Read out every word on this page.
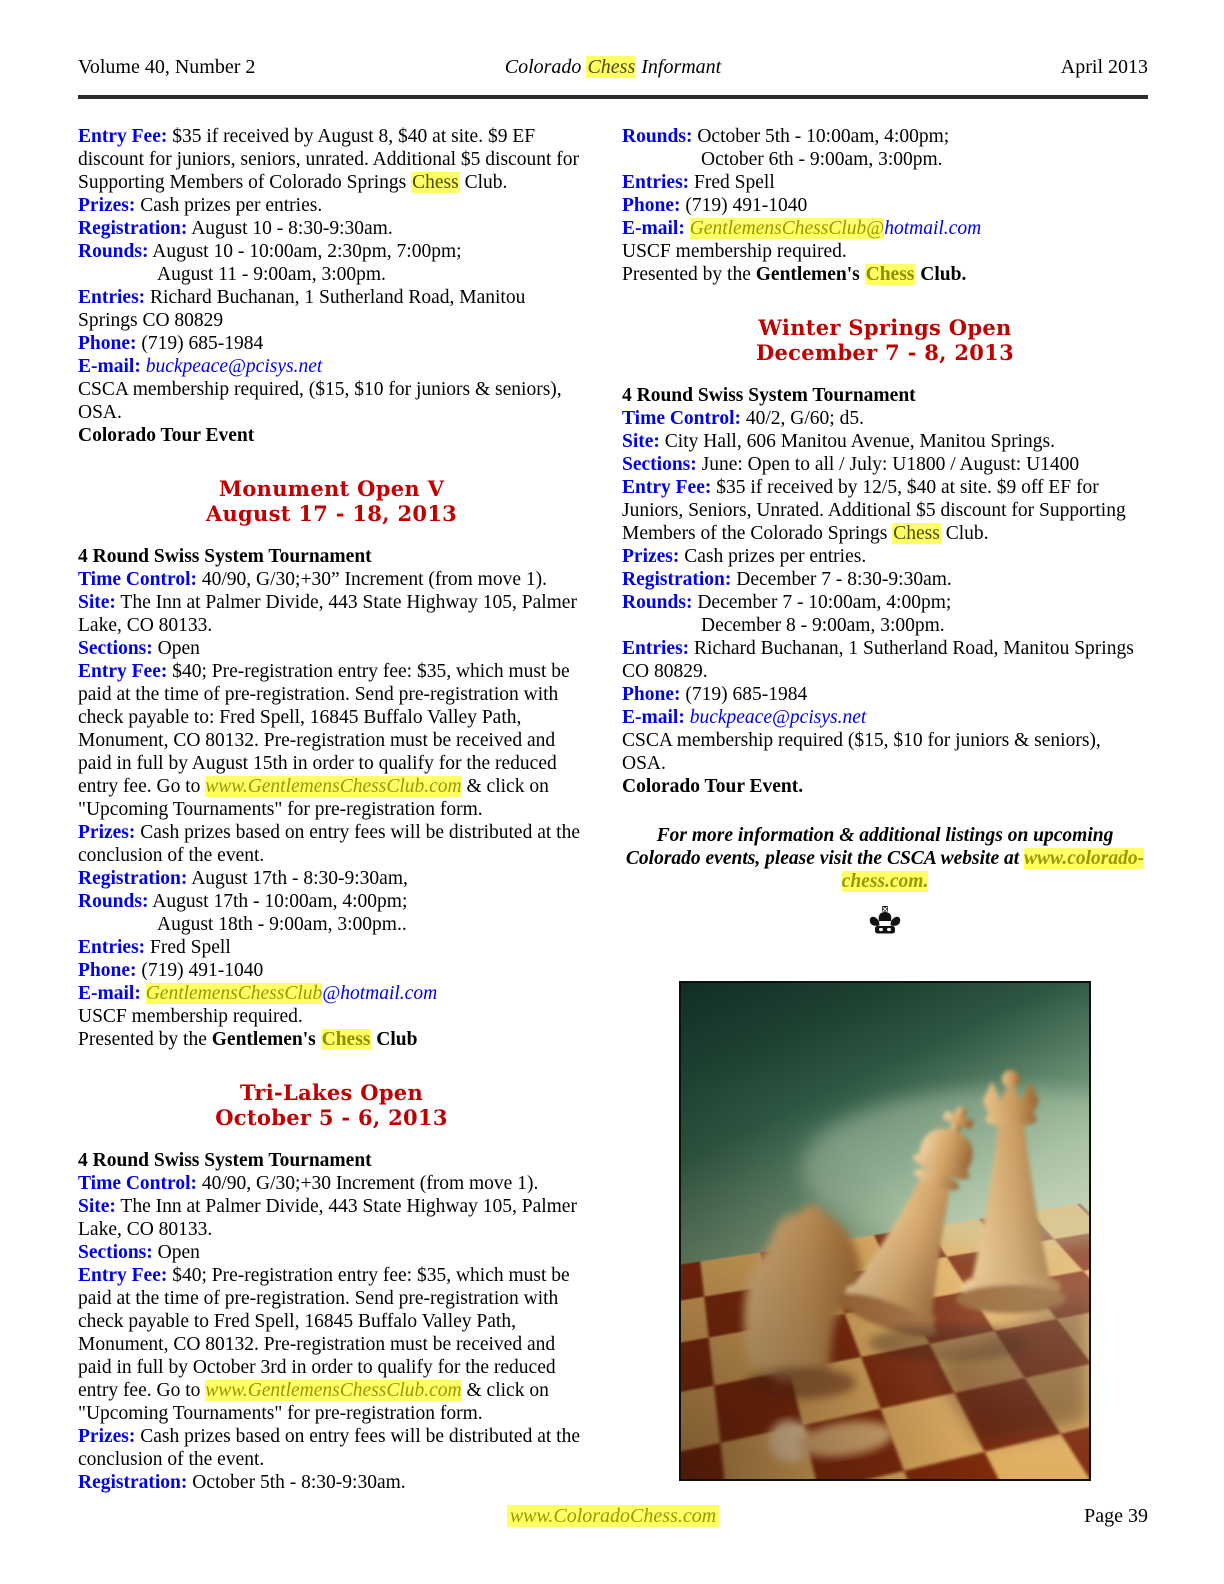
Volume 40, Number 2	Colorado Chess Informant	April 2013

Entry Fee: $35 if received by August 8, $40 at site. $9 EF discount for juniors, seniors, unrated. Additional $5 discount for Supporting Members of Colorado Springs Chess Club.

Prizes: Cash prizes per entries.

Registration: August 10 - 8:30-9:30am.

Rounds: August 10 - 10:00am, 2:30pm, 7:00pm;
August 11 - 9:00am, 3:00pm.

Entries: Richard Buchanan, 1 Sutherland Road, Manitou Springs CO 80829

Phone: (719) 685-1984

E-mail: buckpeace@pcisys.net

CSCA membership required, ($15, $10 for juniors & seniors), OSA.

Colorado Tour Event

Monument Open V
August 17 - 18, 2013

4 Round Swiss System Tournament

Time Control: 40/90, G/30;+30” Increment (from move 1).

Site: The Inn at Palmer Divide, 443 State Highway 105, Palmer Lake, CO 80133.

Sections: Open

Entry Fee: $40; Pre-registration entry fee: $35, which must be paid at the time of pre-registration. Send pre-registration with check payable to: Fred Spell, 16845 Buffalo Valley Path, Monument, CO 80132. Pre-registration must be received and paid in full by August 15th in order to qualify for the reduced entry fee. Go to www.GentlemensChessClub.com & click on "Upcoming Tournaments" for pre-registration form.

Prizes: Cash prizes based on entry fees will be distributed at the conclusion of the event.

Registration: August 17th - 8:30-9:30am,

Rounds: August 17th - 10:00am, 4:00pm;
August 18th - 9:00am, 3:00pm..

Entries: Fred Spell

Phone: (719) 491-1040

E-mail: GentlemensChessClub@hotmail.com

USCF membership required.

Presented by the Gentlemen's Chess Club

Tri-Lakes Open
October 5 - 6, 2013

4 Round Swiss System Tournament

Time Control: 40/90, G/30;+30 Increment (from move 1).

Site: The Inn at Palmer Divide, 443 State Highway 105, Palmer Lake, CO 80133.

Sections: Open

Entry Fee: $40; Pre-registration entry fee: $35, which must be paid at the time of pre-registration. Send pre-registration with check payable to Fred Spell, 16845 Buffalo Valley Path, Monument, CO 80132. Pre-registration must be received and paid in full by October 3rd in order to qualify for the reduced entry fee. Go to www.GentlemensChessClub.com & click on "Upcoming Tournaments" for pre-registration form.

Prizes: Cash prizes based on entry fees will be distributed at the conclusion of the event.

Registration: October 5th - 8:30-9:30am.

Rounds: October 5th - 10:00am, 4:00pm;
October 6th - 9:00am, 3:00pm.

Entries: Fred Spell

Phone: (719) 491-1040

E-mail: GentlemensChessClub@hotmail.com

USCF membership required.

Presented by the Gentlemen's Chess Club.

Winter Springs Open
December 7 - 8, 2013

4 Round Swiss System Tournament

Time Control: 40/2, G/60; d5.

Site: City Hall, 606 Manitou Avenue, Manitou Springs.

Sections: June: Open to all / July: U1800 / August: U1400

Entry Fee: $35 if received by 12/5, $40 at site. $9 off EF for Juniors, Seniors, Unrated. Additional $5 discount for Supporting Members of the Colorado Springs Chess Club.

Prizes: Cash prizes per entries.

Registration: December 7 - 8:30-9:30am.

Rounds: December 7 - 10:00am, 4:00pm;
December 8 - 9:00am, 3:00pm.

Entries: Richard Buchanan, 1 Sutherland Road, Manitou Springs CO 80829.

Phone: (719) 685-1984

E-mail: buckpeace@pcisys.net

CSCA membership required ($15, $10 for juniors & seniors), OSA.

Colorado Tour Event.

For more information & additional listings on upcoming Colorado events, please visit the CSCA website at www.colorado-chess.com.

www.ColoradoChess.com	Page 39
